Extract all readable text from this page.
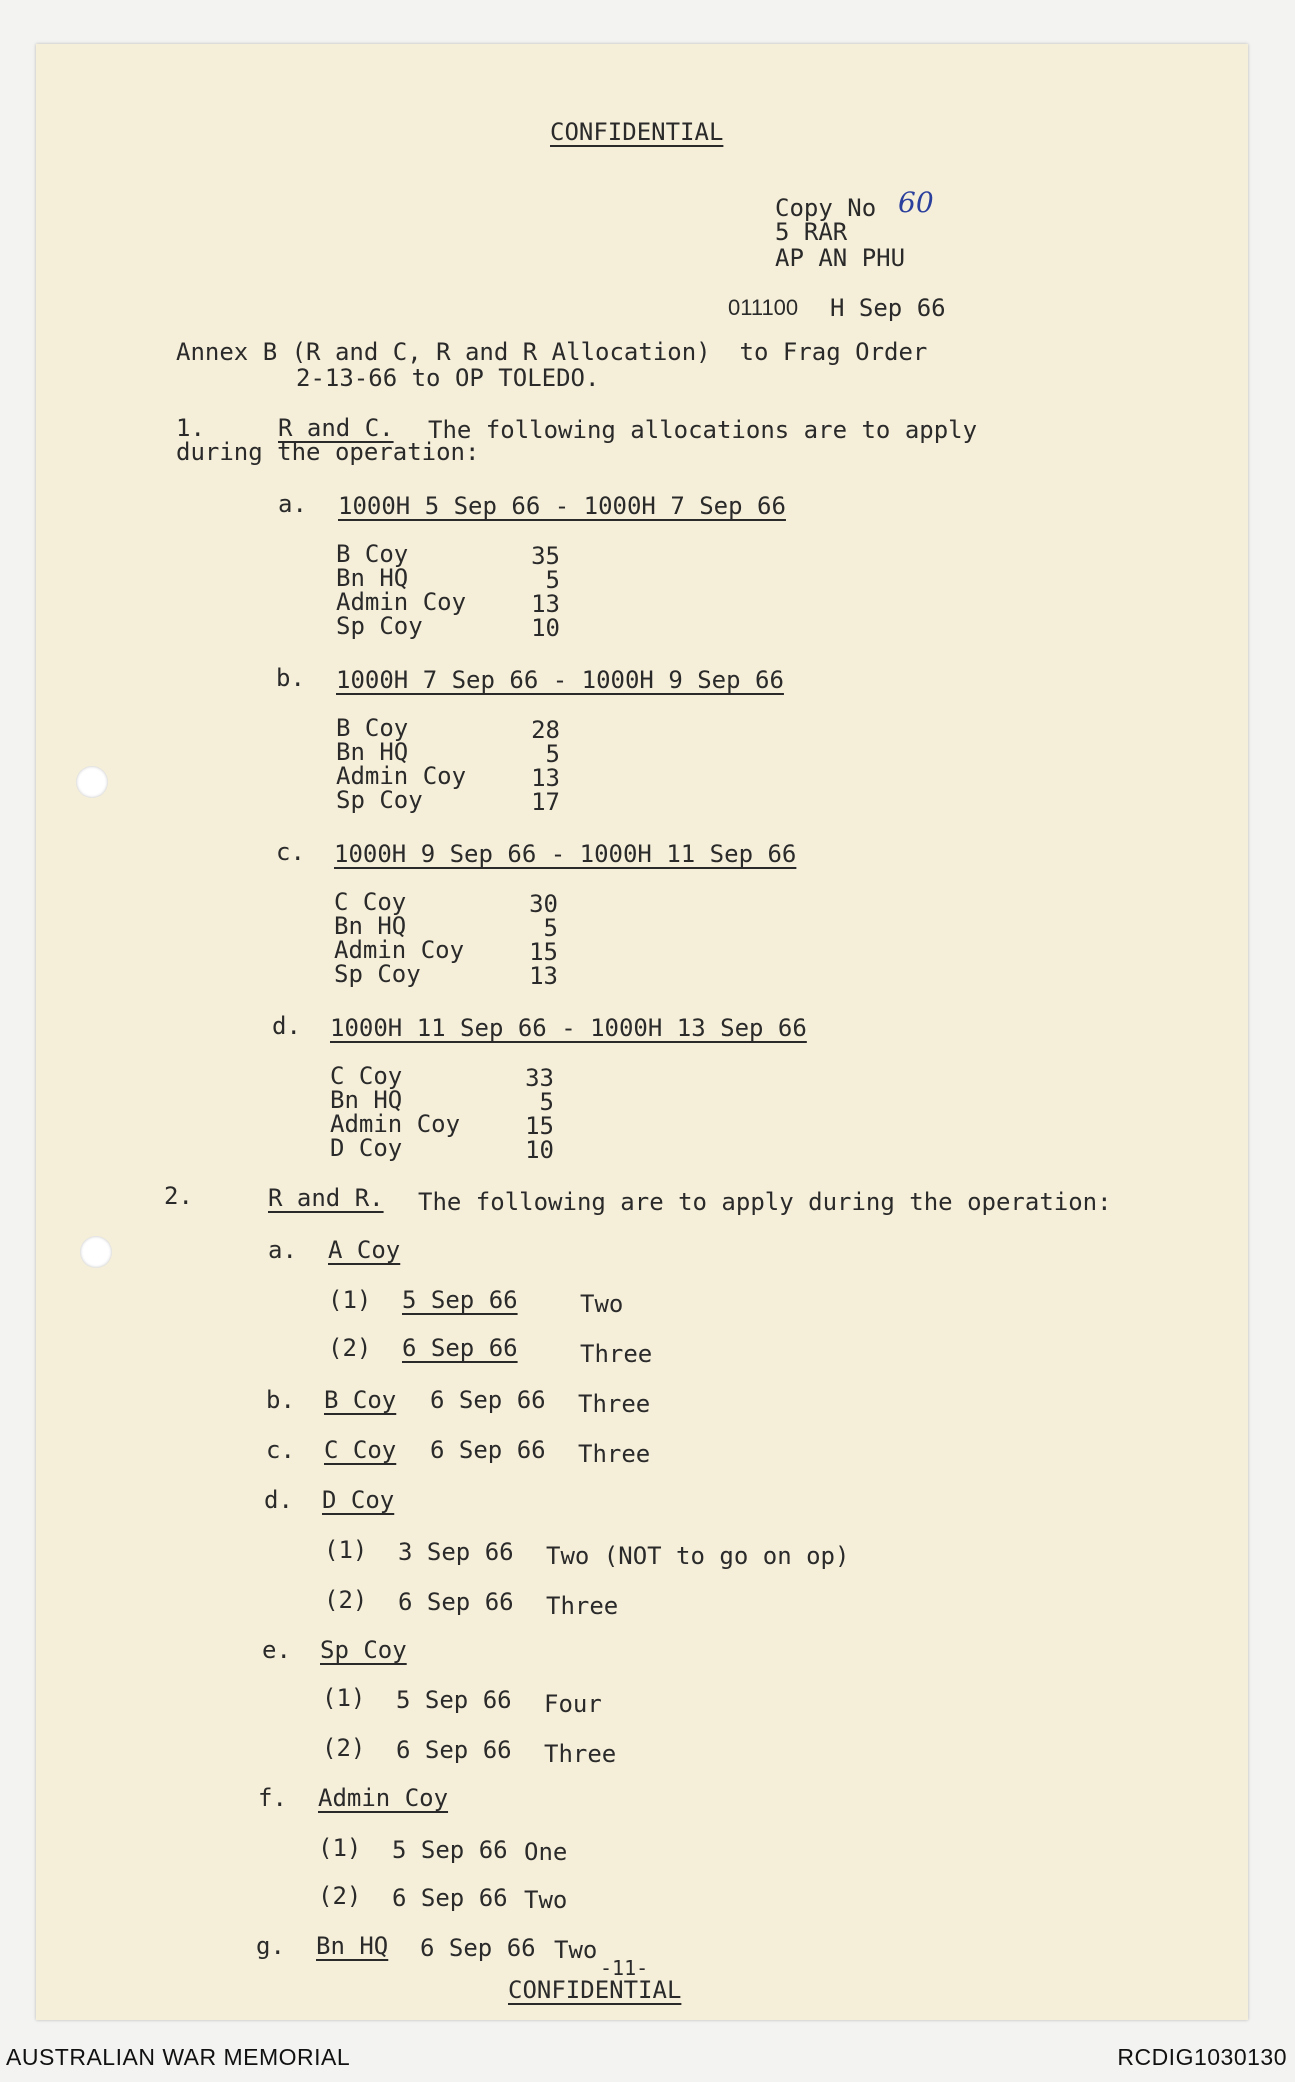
CONFIDENTIAL
Copy No 60
5 RAR
AP AN PHU
011100 H Sep 66
Annex B (R and C, R and R Allocation)  to Frag Order
2-13-66 to OP TOLEDO.
1.	R and C. The following allocations are to apply
during the operation:
a. 1000H 5 Sep 66 - 1000H 7 Sep 66
B Coy	35
Bn HQ	5
Admin Coy	13
Sp Coy	10
b. 1000H 7 Sep 66 - 1000H 9 Sep 66
B Coy	28
Bn HQ	5
Admin Coy	13
Sp Coy	17
c. 1000H 9 Sep 66 - 1000H 11 Sep 66
C Coy	30
Bn HQ	5
Admin Coy	15
Sp Coy	13
d. 1000H 11 Sep 66 - 1000H 13 Sep 66
C Coy	33
Bn HQ	5
Admin Coy	15
D Coy	10
2.	R and R. The following are to apply during the operation:
a. A Coy
(1) 5 Sep 66	Two
(2) 6 Sep 66	Three
b. B Coy 6 Sep 66 Three
c. C Coy 6 Sep 66 Three
d. D Coy
(1) 3 Sep 66 Two (NOT to go on op)
(2) 6 Sep 66 Three
e. Sp Coy
(1) 5 Sep 66 Four
(2) 6 Sep 66 Three
f. Admin Coy
(1) 5 Sep 66 One
(2) 6 Sep 66 Two
g. Bn HQ 6 Sep 66 Two
-11-
CONFIDENTIAL
AUSTRALIAN WAR MEMORIAL	RCDIG1030130
